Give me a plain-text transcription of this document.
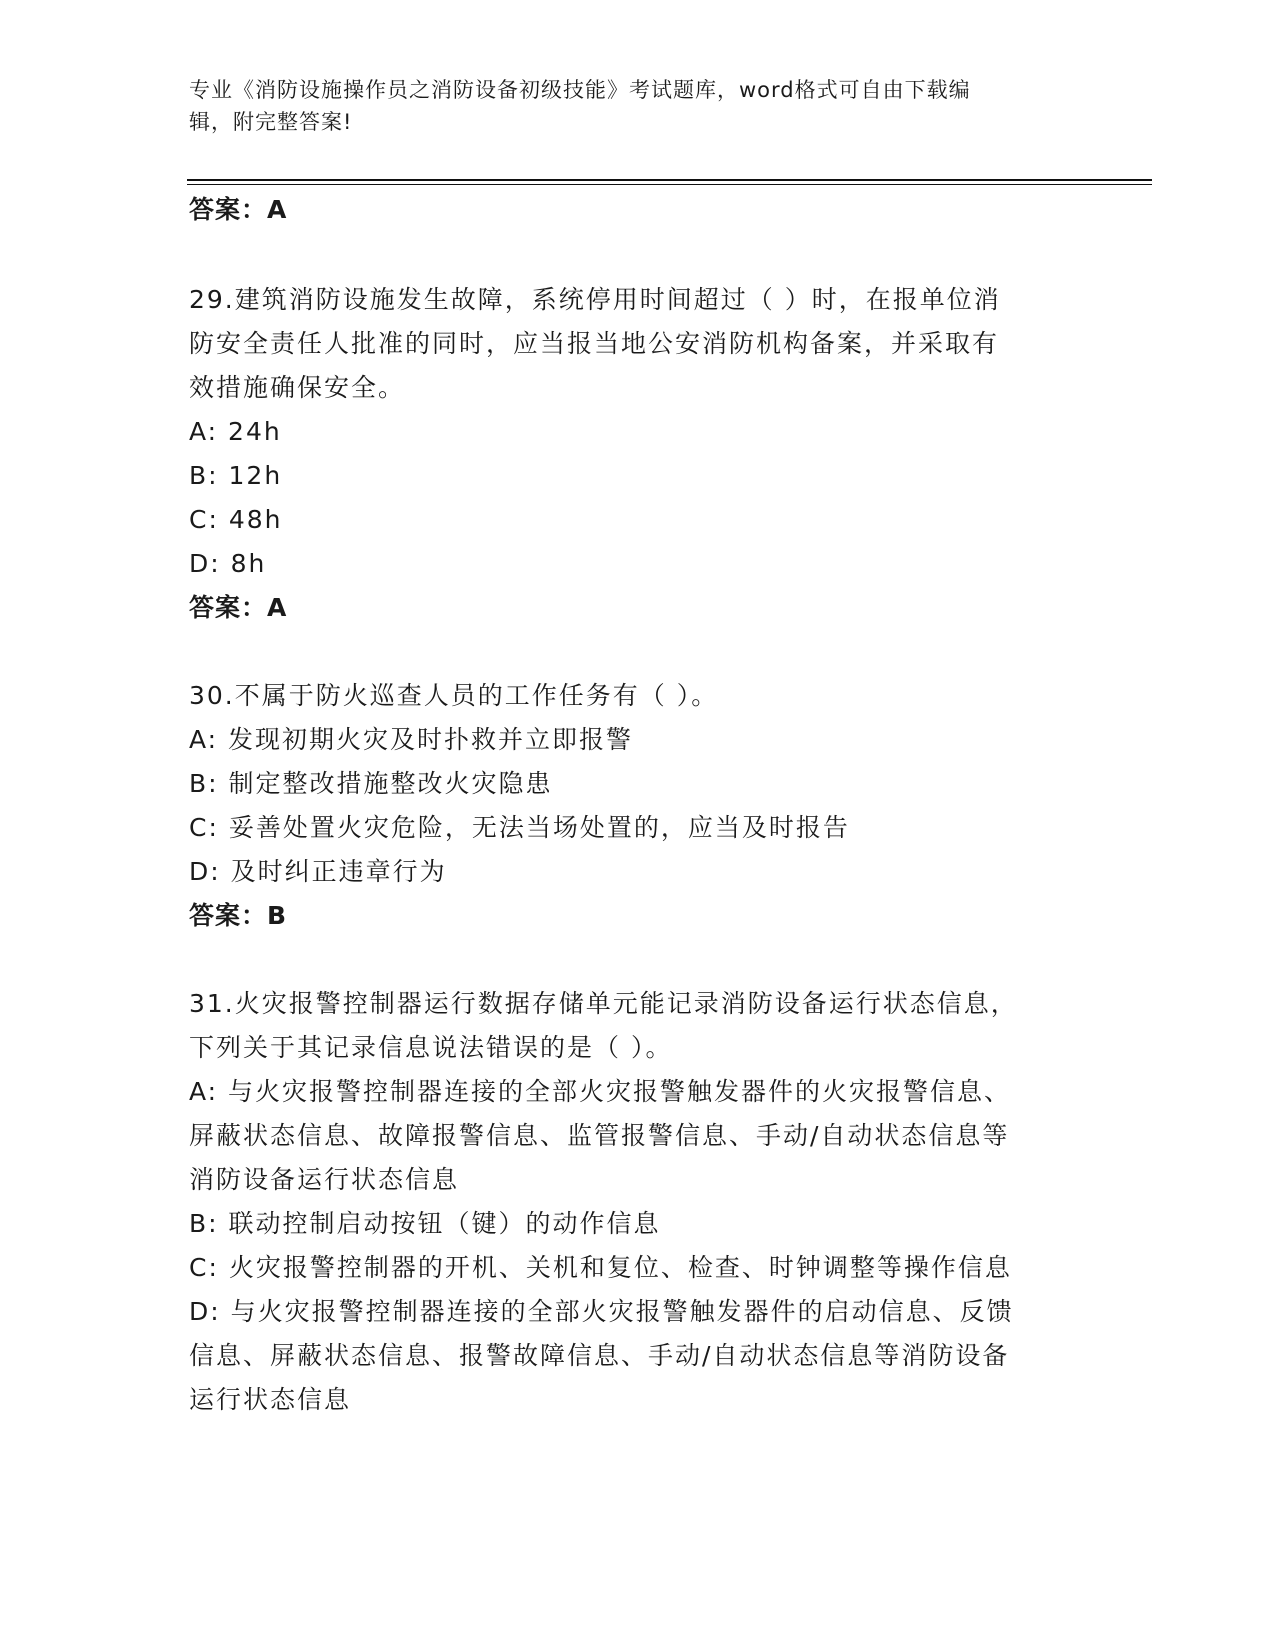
专业《消防设施操作员之消防设备初级技能》考试题库，word格式可自由下载编
辑，附完整答案!
答案：A
29.建筑消防设施发生故障，系统停用时间超过（ ）时，在报单位消
防安全责任人批准的同时，应当报当地公安消防机构备案，并采取有
效措施确保安全。
A: 24h
B: 12h
C: 48h
D: 8h
答案：A
30.不属于防火巡查人员的工作任务有（ ）。
A: 发现初期火灾及时扑救并立即报警
B: 制定整改措施整改火灾隐患
C: 妥善处置火灾危险，无法当场处置的，应当及时报告
D: 及时纠正违章行为
答案：B
31.火灾报警控制器运行数据存储单元能记录消防设备运行状态信息，
下列关于其记录信息说法错误的是（ ）。
A: 与火灾报警控制器连接的全部火灾报警触发器件的火灾报警信息、
屏蔽状态信息、故障报警信息、监管报警信息、手动/自动状态信息等
消防设备运行状态信息
B: 联动控制启动按钮（键）的动作信息
C: 火灾报警控制器的开机、关机和复位、检查、时钟调整等操作信息
D: 与火灾报警控制器连接的全部火灾报警触发器件的启动信息、反馈
信息、屏蔽状态信息、报警故障信息、手动/自动状态信息等消防设备
运行状态信息
